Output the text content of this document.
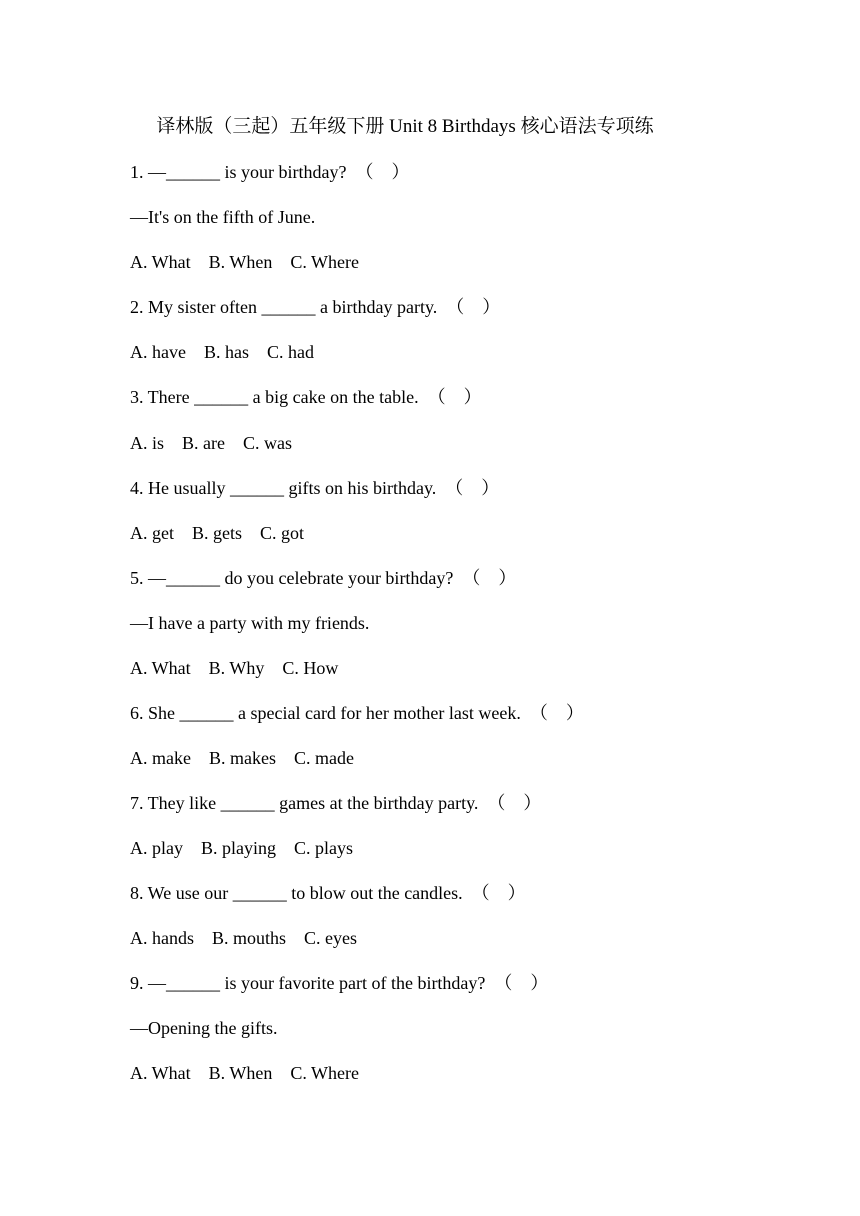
译林版（三起）五年级下册 Unit 8 Birthdays 核心语法专项练
1. —______ is your birthday?  （    ）
—It's on the fifth of June.
A. What    B. When    C. Where
2. My sister often ______ a birthday party.  （    ）
A. have    B. has    C. had
3. There ______ a big cake on the table.  （    ）
A. is    B. are    C. was
4. He usually ______ gifts on his birthday.  （    ）
A. get    B. gets    C. got
5. —______ do you celebrate your birthday?  （    ）
—I have a party with my friends.
A. What    B. Why    C. How
6. She ______ a special card for her mother last week.  （    ）
A. make    B. makes    C. made
7. They like ______ games at the birthday party.  （    ）
A. play    B. playing    C. plays
8. We use our ______ to blow out the candles.  （    ）
A. hands    B. mouths    C. eyes
9. —______ is your favorite part of the birthday?  （    ）
—Opening the gifts.
A. What    B. When    C. Where
